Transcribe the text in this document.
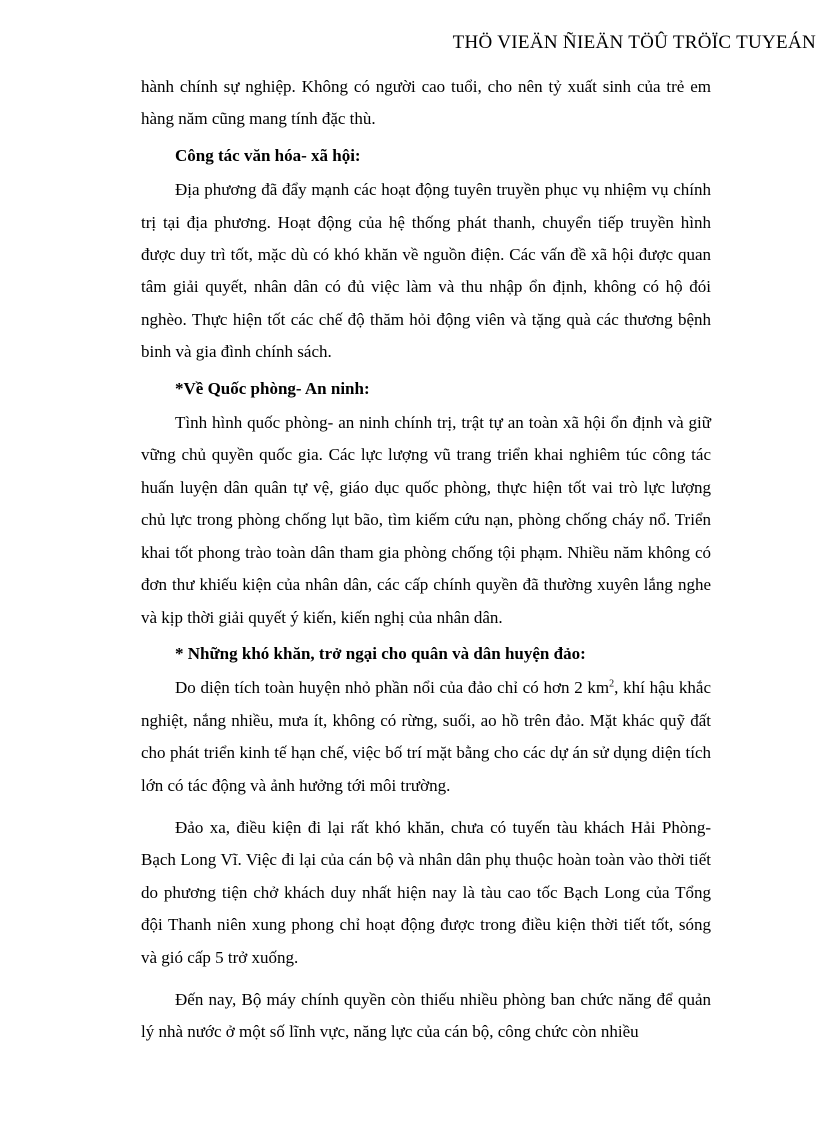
THÖ VIEÄN ÑIEÄN TÖÛ TRÖÏC TUYEÁN

hành chính sự nghiệp. Không có người cao tuổi, cho nên tỷ xuất sinh của trẻ em hàng năm cũng mang tính đặc thù.

Công tác văn hóa- xã hội:

Địa phương đã đẩy mạnh các hoạt động tuyên truyền phục vụ nhiệm vụ chính trị tại địa phương. Hoạt động của hệ thống phát thanh, chuyển tiếp truyền hình được duy trì tốt, mặc dù có khó khăn về nguồn điện. Các vấn đề xã hội được quan tâm giải quyết, nhân dân có đủ việc làm và thu nhập ổn định, không có hộ đói nghèo. Thực hiện tốt các chế độ thăm hỏi động viên và tặng quà các thương bệnh binh và gia đình chính sách.

*Về Quốc phòng- An ninh:

Tình hình quốc phòng- an ninh chính trị, trật tự an toàn xã hội ổn định và giữ vững chủ quyền quốc gia. Các lực lượng vũ trang triển khai nghiêm túc công tác huấn luyện dân quân tự vệ, giáo dục quốc phòng, thực hiện tốt vai trò lực lượng chủ lực trong phòng chống lụt bão, tìm kiếm cứu nạn, phòng chống cháy nổ. Triển khai tốt phong trào toàn dân tham gia phòng chống tội phạm. Nhiều năm không có đơn thư khiếu kiện của nhân dân, các cấp chính quyền đã thường xuyên lắng nghe và kịp thời giải quyết ý kiến, kiến nghị của nhân dân.

* Những khó khăn, trở ngại cho quân và dân huyện đảo:

Do diện tích toàn huyện nhỏ phần nổi của đảo chỉ có hơn 2 $km^2$, khí hậu khắc nghiệt, nắng nhiều, mưa ít, không có rừng, suối, ao hồ trên đảo. Mặt khác quỹ đất cho phát triển kinh tế hạn chế, việc bố trí mặt bằng cho các dự án sử dụng diện tích lớn có tác động và ảnh hưởng tới môi trường.

Đảo xa, điều kiện đi lại rất khó khăn, chưa có tuyến tàu khách Hải Phòng- Bạch Long Vĩ. Việc đi lại của cán bộ và nhân dân phụ thuộc hoàn toàn vào thời tiết do phương tiện chở khách duy nhất hiện nay là tàu cao tốc Bạch Long của Tổng đội Thanh niên xung phong chỉ hoạt động được trong điều kiện thời tiết tốt, sóng và gió cấp 5 trở xuống.

Đến nay, Bộ máy chính quyền còn thiếu nhiều phòng ban chức năng để quản lý nhà nước ở một số lĩnh vực, năng lực của cán bộ, công chức còn nhiều
